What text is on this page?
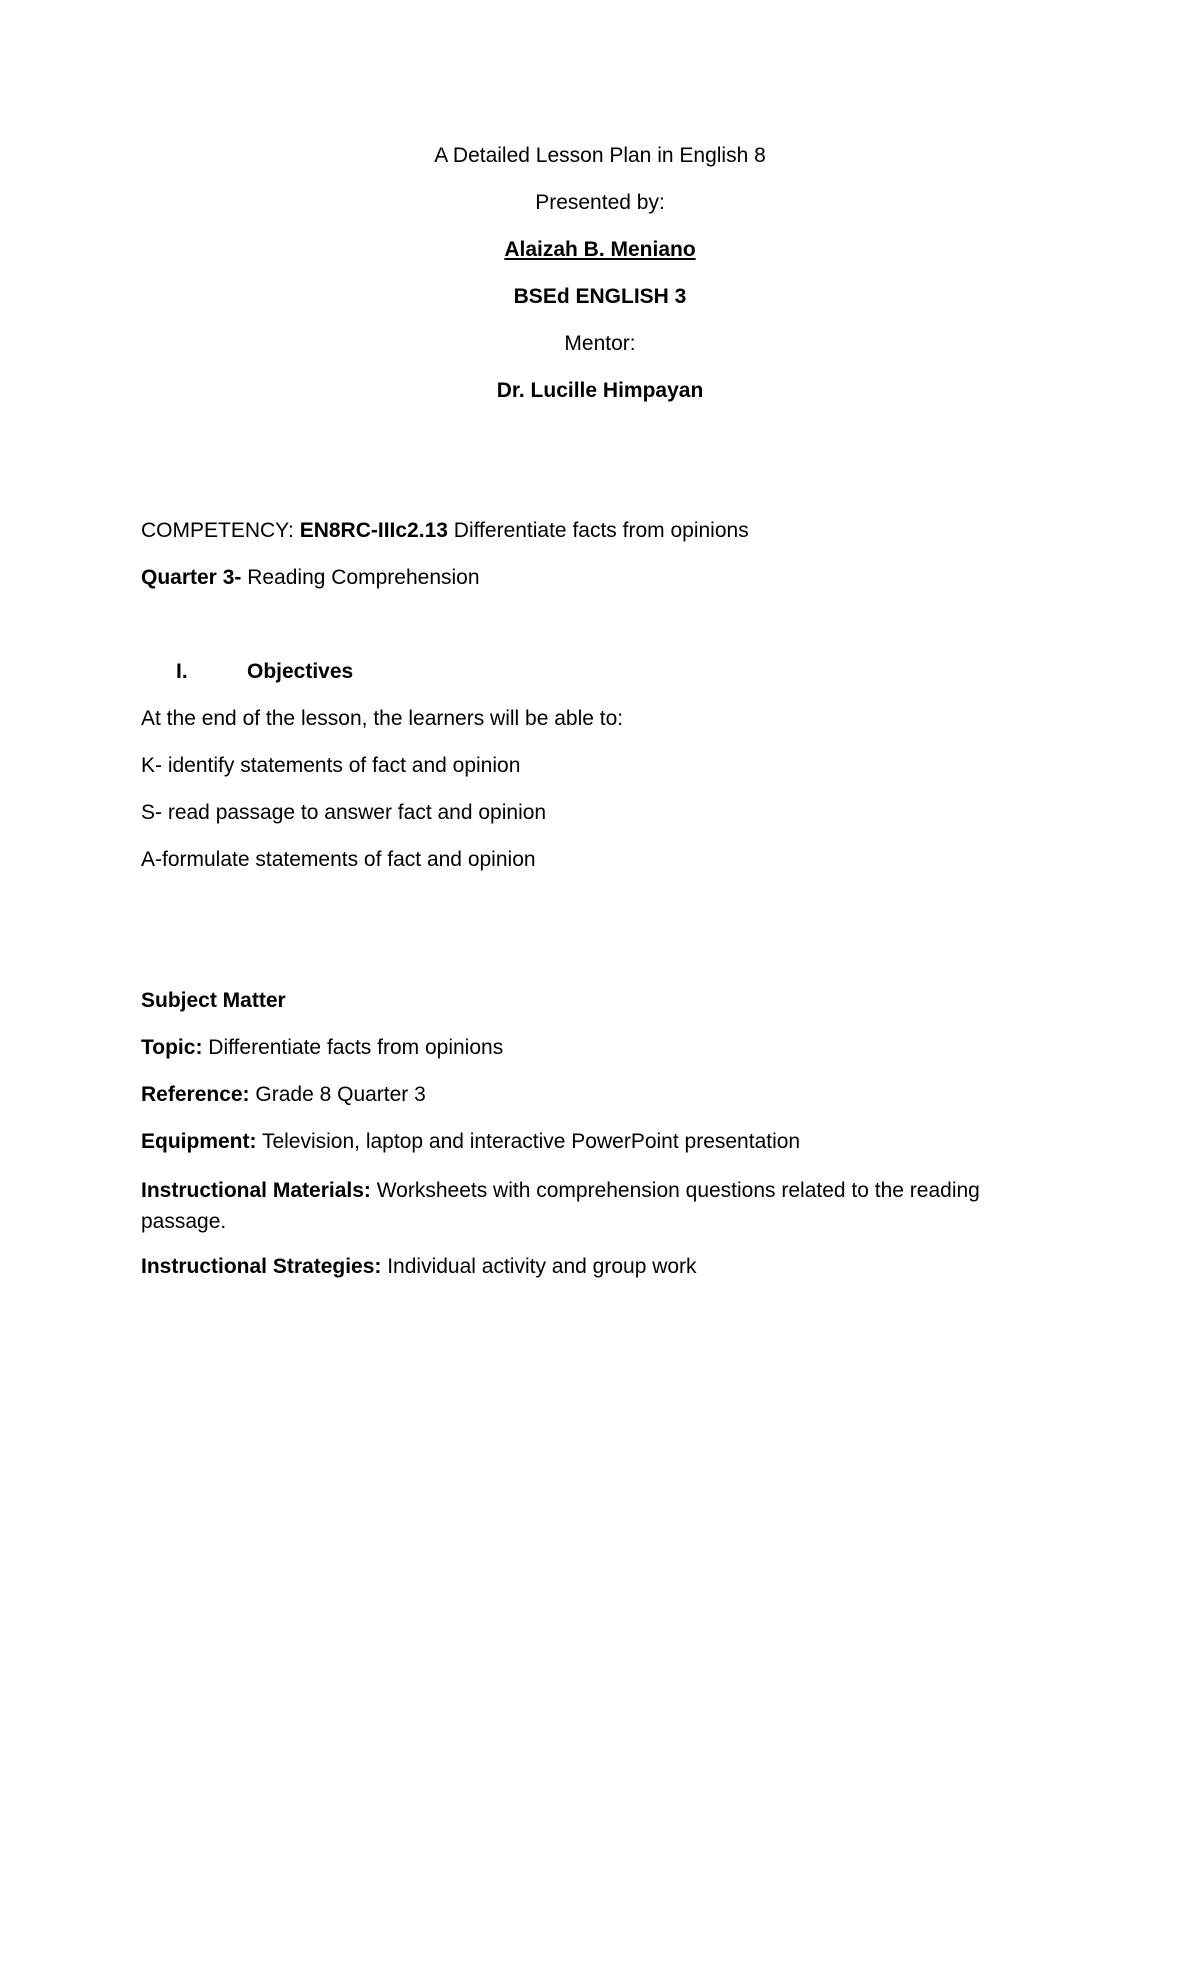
A Detailed Lesson Plan in English 8
Presented by:
Alaizah B. Meniano
BSEd ENGLISH 3
Mentor:
Dr. Lucille Himpayan
COMPETENCY: EN8RC-IIIc2.13 Differentiate facts from opinions
Quarter 3- Reading Comprehension
I.	Objectives
At the end of the lesson, the learners will be able to:
K- identify statements of fact and opinion
S- read passage to answer fact and opinion
A-formulate statements of fact and opinion
Subject Matter
Topic: Differentiate facts from opinions
Reference: Grade 8 Quarter 3
Equipment: Television, laptop and interactive PowerPoint presentation
Instructional Materials: Worksheets with comprehension questions related to the reading passage.
Instructional Strategies: Individual activity and group work
